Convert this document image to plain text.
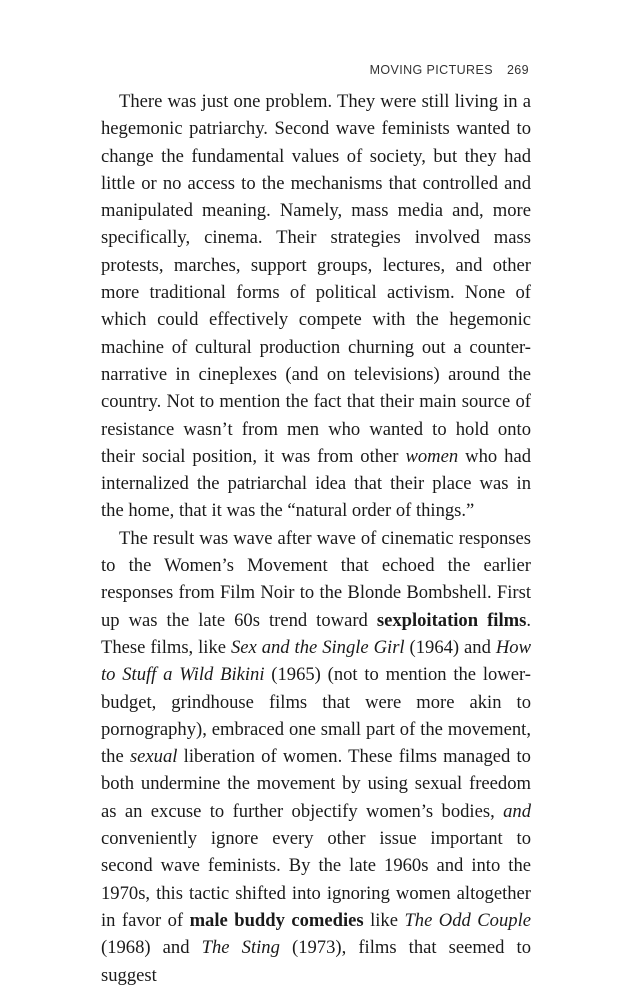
MOVING PICTURES 269

There was just one problem. They were still living in a hegemonic patriarchy. Second wave feminists wanted to change the fundamental values of society, but they had little or no access to the mechanisms that controlled and manipulated meaning. Namely, mass media and, more specifically, cinema. Their strategies involved mass protests, marches, support groups, lectures, and other more traditional forms of political activism. None of which could effectively compete with the hegemonic machine of cultural production churning out a counter-narrative in cineplexes (and on televisions) around the country. Not to mention the fact that their main source of resistance wasn’t from men who wanted to hold onto their social position, it was from other women who had internalized the patriarchal idea that their place was in the home, that it was the “natural order of things.”

The result was wave after wave of cinematic responses to the Women’s Movement that echoed the earlier responses from Film Noir to the Blonde Bombshell. First up was the late 60s trend toward sexploitation films. These films, like Sex and the Single Girl (1964) and How to Stuff a Wild Bikini (1965) (not to mention the lower-budget, grindhouse films that were more akin to pornography), embraced one small part of the movement, the sexual liberation of women. These films managed to both undermine the movement by using sexual freedom as an excuse to further objectify women’s bodies, and conveniently ignore every other issue important to second wave feminists. By the late 1960s and into the 1970s, this tactic shifted into ignoring women altogether in favor of male buddy comedies like The Odd Couple (1968) and The Sting (1973), films that seemed to suggest
